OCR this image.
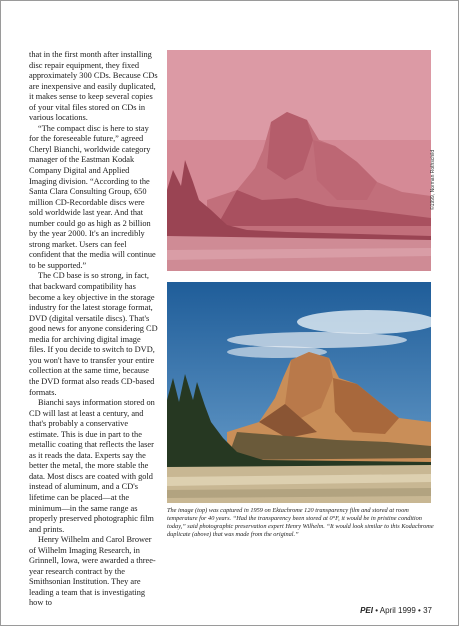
that in the first month after installing disc repair equipment, they fixed approximately 300 CDs. Because CDs are inexpensive and easily duplicated, it makes sense to keep several copies of your vital files stored on CDs in various locations.

“The compact disc is here to stay for the foreseeable future,” agreed Cheryl Bianchi, worldwide category manager of the Eastman Kodak Company Digital and Applied Imaging division. “According to the Santa Clara Consulting Group, 650 million CD-Recordable discs were sold worldwide last year. And that number could go as high as 2 billion by the year 2000. It's an incredibly strong market. Users can feel confident that the media will continue to be supported.”

The CD base is so strong, in fact, that backward compatibility has become a key objective in the storage industry for the latest storage format, DVD (digital versatile discs). That's good news for anyone considering CD media for archiving digital image files. If you decide to switch to DVD, you won't have to transfer your entire collection at the same time, because the DVD format also reads CD-based formats.

Bianchi says information stored on CD will last at least a century, and that's probably a conservative estimate. This is due in part to the metallic coating that reflects the laser as it reads the data. Experts say the better the metal, the more stable the data. Most discs are coated with gold instead of aluminum, and a CD's lifetime can be placed—at the minimum—in the same range as properly preserved photographic film and prints.

Henry Wilhelm and Carol Brower of Wilhelm Imaging Research, in Grinnell, Iowa, were awarded a three-year research contract by the Smithsonian Institution. They are leading a team that is investigating how to

©1999, Norman Rothschild
The image (top) was captured in 1959 on Ektachrome 120 transparency film and stored at room temperature for 40 years. “Had the transparency been stored at 0°F, it would be in pristine condition today,” said photographic preservation expert Henry Wilhelm. “It would look similar to this Kodachrome duplicate (above) that was made from the original.”
PEI • April 1999 • 37
